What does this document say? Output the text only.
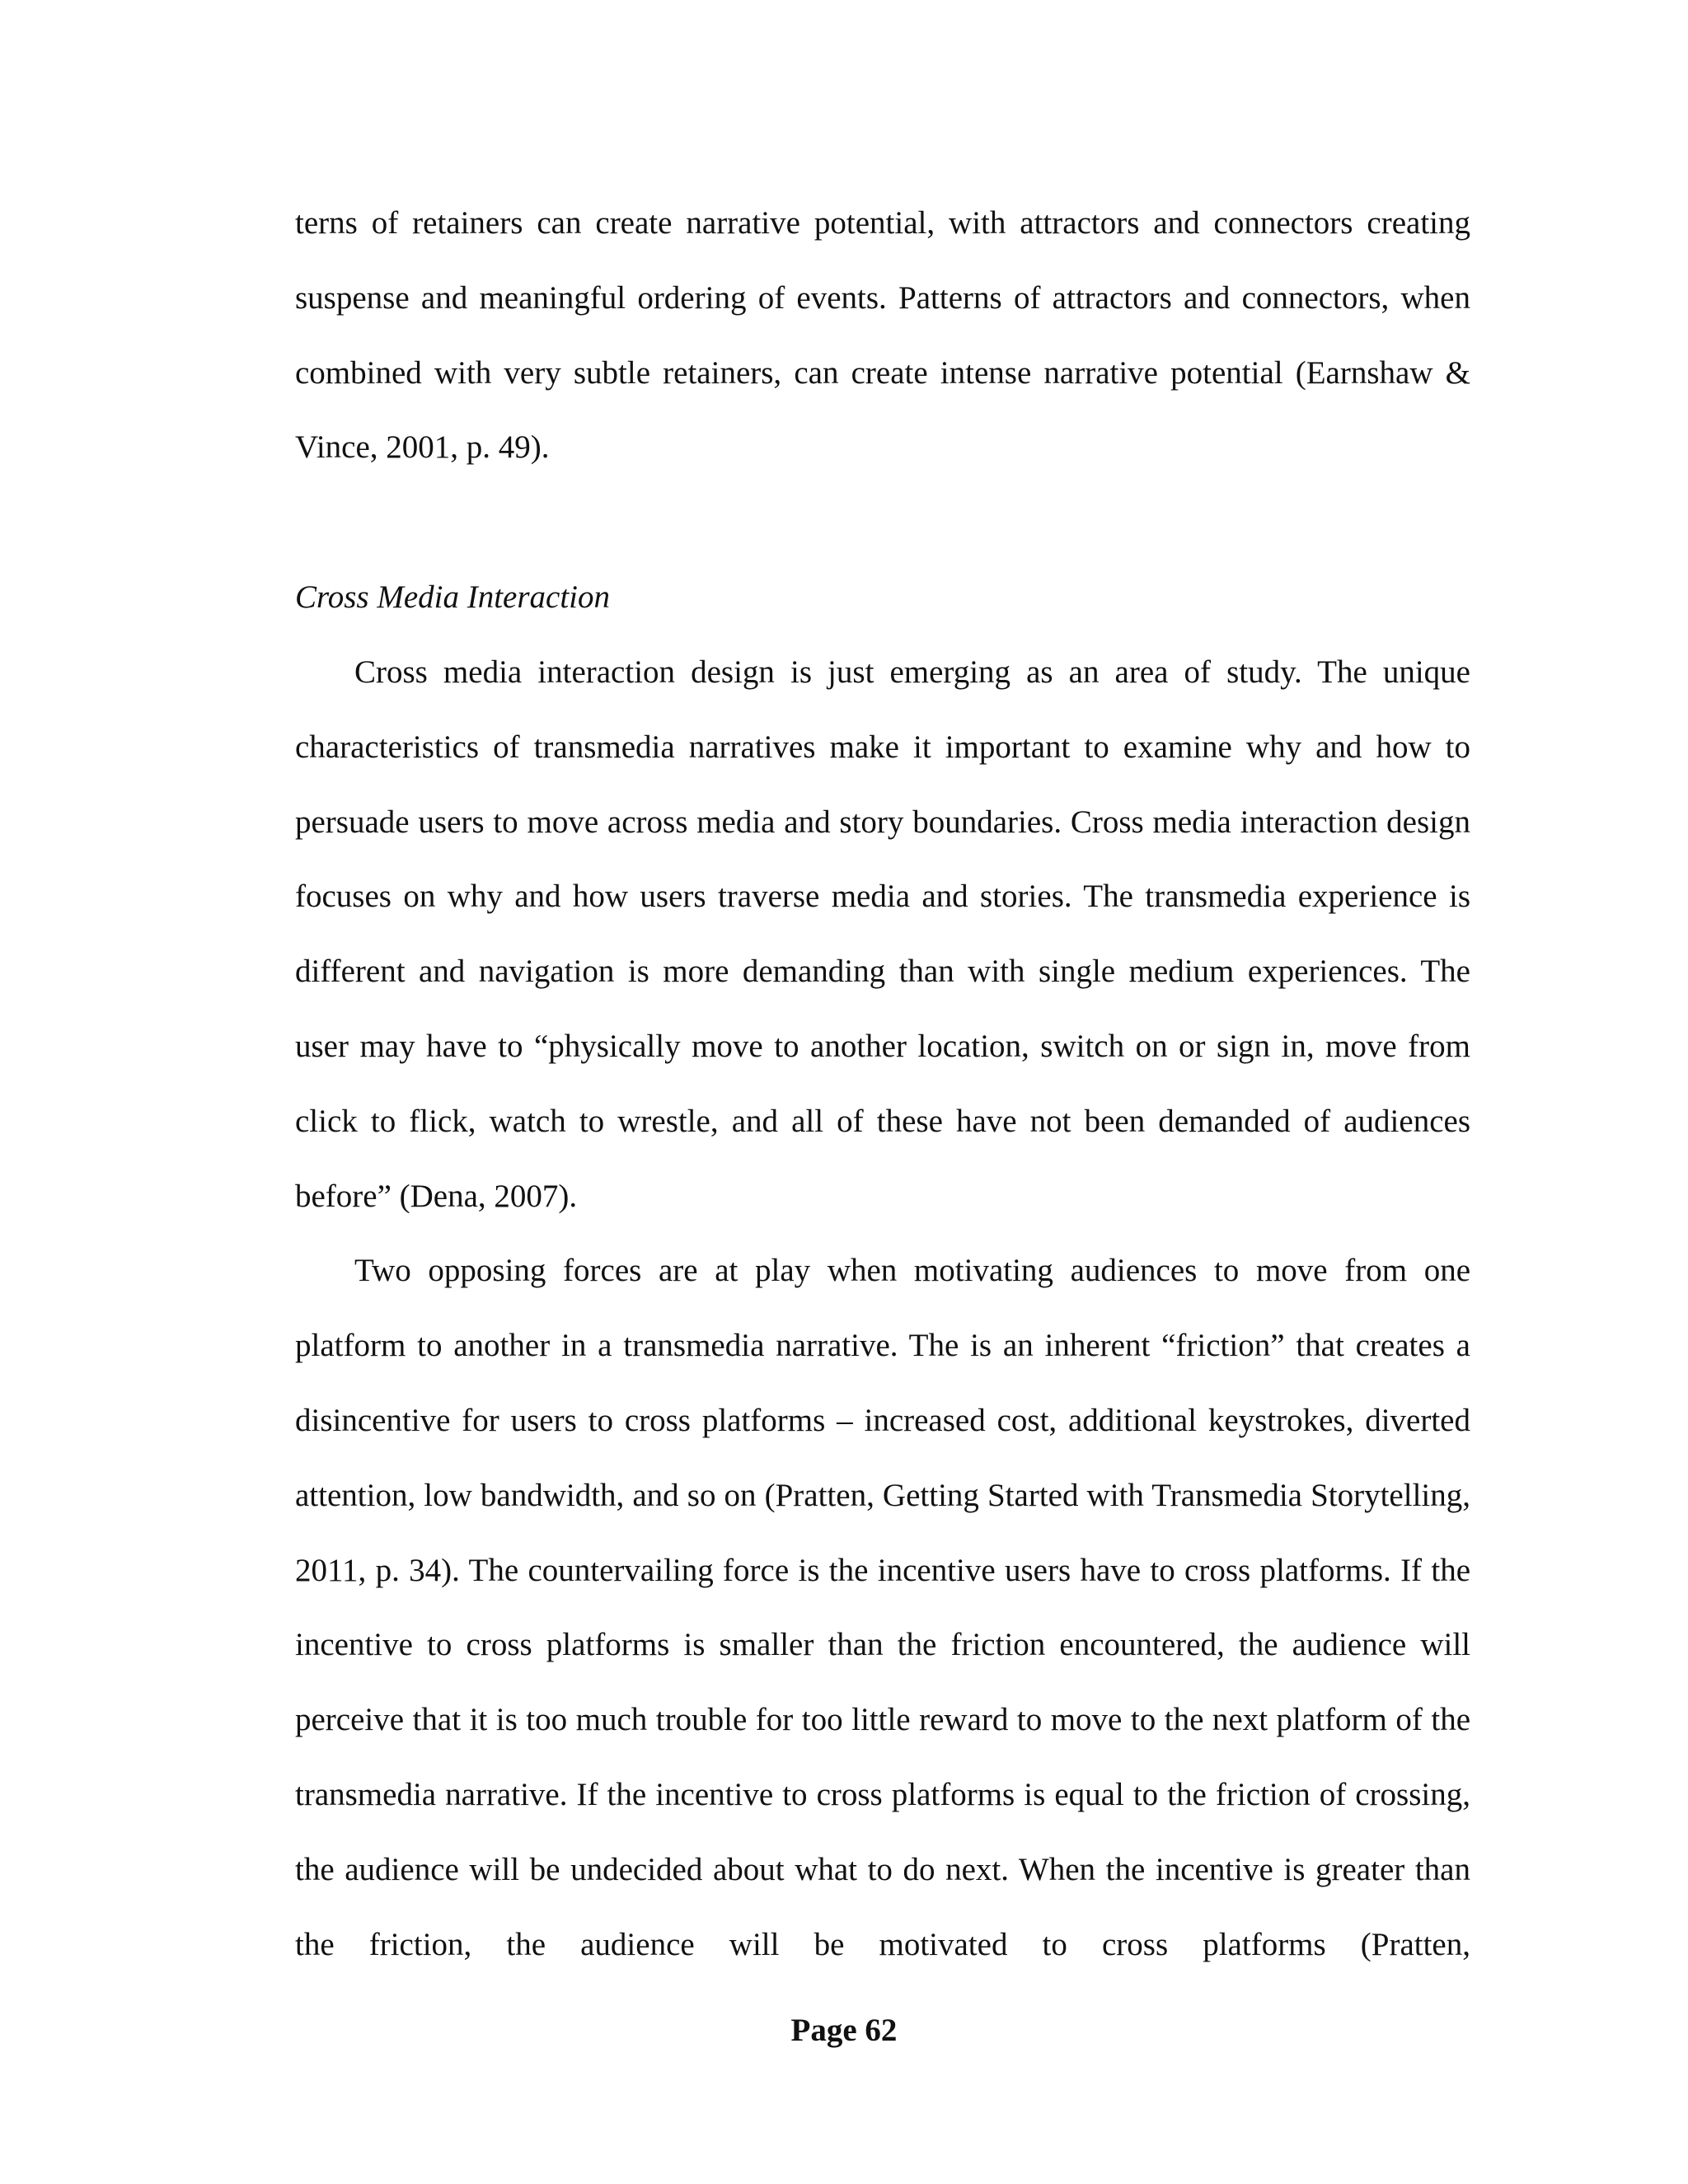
terns of retainers can create narrative potential, with attractors and connectors creating suspense and meaningful ordering of events. Patterns of attractors and connectors, when combined with very subtle retainers, can create intense narrative potential (Earnshaw & Vince, 2001, p. 49).

Cross Media Interaction

Cross media interaction design is just emerging as an area of study. The unique characteristics of transmedia narratives make it important to examine why and how to persuade users to move across media and story boundaries. Cross media interaction design focuses on why and how users traverse media and stories. The transmedia experience is different and navigation is more demanding than with single medium experiences. The user may have to “physically move to another location, switch on or sign in, move from click to flick, watch to wrestle, and all of these have not been demanded of audiences before” (Dena, 2007).

Two opposing forces are at play when motivating audiences to move from one platform to another in a transmedia narrative. The is an inherent “friction” that creates a disincentive for users to cross platforms – increased cost, additional keystrokes, diverted attention, low bandwidth, and so on (Pratten, Getting Started with Transmedia Storytelling, 2011, p. 34). The countervailing force is the incentive users have to cross platforms. If the incentive to cross platforms is smaller than the friction encountered, the audience will perceive that it is too much trouble for too little reward to move to the next platform of the transmedia narrative. If the incentive to cross platforms is equal to the friction of crossing, the audience will be undecided about what to do next. When the incentive is greater than the friction, the audience will be motivated to cross platforms (Pratten,

Page 62
